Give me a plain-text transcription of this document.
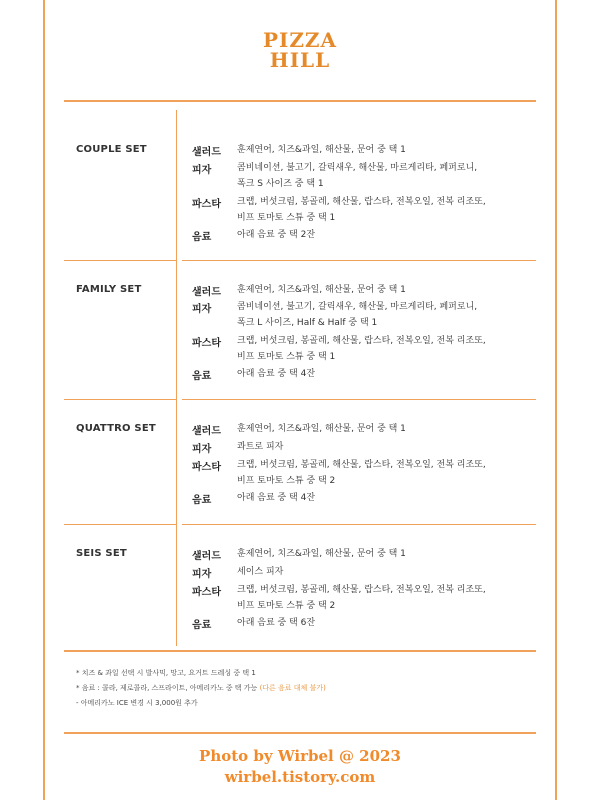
PIZZA
HILL
COUPLE SET	샐러드 훈제연어, 치즈&과일, 해산물, 문어 중 택 1
피자	콤비네이션, 불고기, 갈릭새우, 해산물, 마르게리타, 페퍼로니,
폭크 S 사이즈 중 택 1
파스타 크랩, 버섯크림, 봉골레, 해산물, 랍스타, 전복오일, 전복 리조또,
비프 토마토 스튜 중 택 1
음료	아래 음료 중 택 2잔
FAMILY SET	샐러드 훈제연어, 치즈&과일, 해산물, 문어 중 택 1
피자	콤비네이션, 불고기, 갈릭새우, 해산물, 마르게리타, 페퍼로니,
폭크 L 사이즈, Half & Half 중 택 1
파스타 크랩, 버섯크림, 봉골레, 해산물, 랍스타, 전복오일, 전복 리조또,
비프 토마토 스튜 중 택 1
음료	아래 음료 중 택 4잔
QUATTRO SET	샐러드 훈제연어, 치즈&과일, 해산물, 문어 중 택 1
피자	콰트로 피자
파스타 크랩, 버섯크림, 봉골레, 해산물, 랍스타, 전복오일, 전복 리조또,
비프 토마토 스튜 중 택 2
음료	아래 음료 중 택 4잔
SEIS SET	샐러드 훈제연어, 치즈&과일, 해산물, 문어 중 택 1
피자	세이스 피자
파스타 크랩, 버섯크림, 봉골레, 해산물, 랍스타, 전복오일, 전복 리조또,
비프 토마토 스튜 중 택 2
음료	아래 음료 중 택 6잔
* 치즈 & 과일 선택 시 발사믹, 망고, 요거트 드레싱 중 택 1
* 음료 : 콜라, 제로콜라, 스프라이트, 아메리카노 중 택 가능 (다른 음료 대체 불가)
- 아메리카노 ICE 변경 시 3,000원 추가
Photo by Wirbel @ 2023
wirbel.tistory.com
